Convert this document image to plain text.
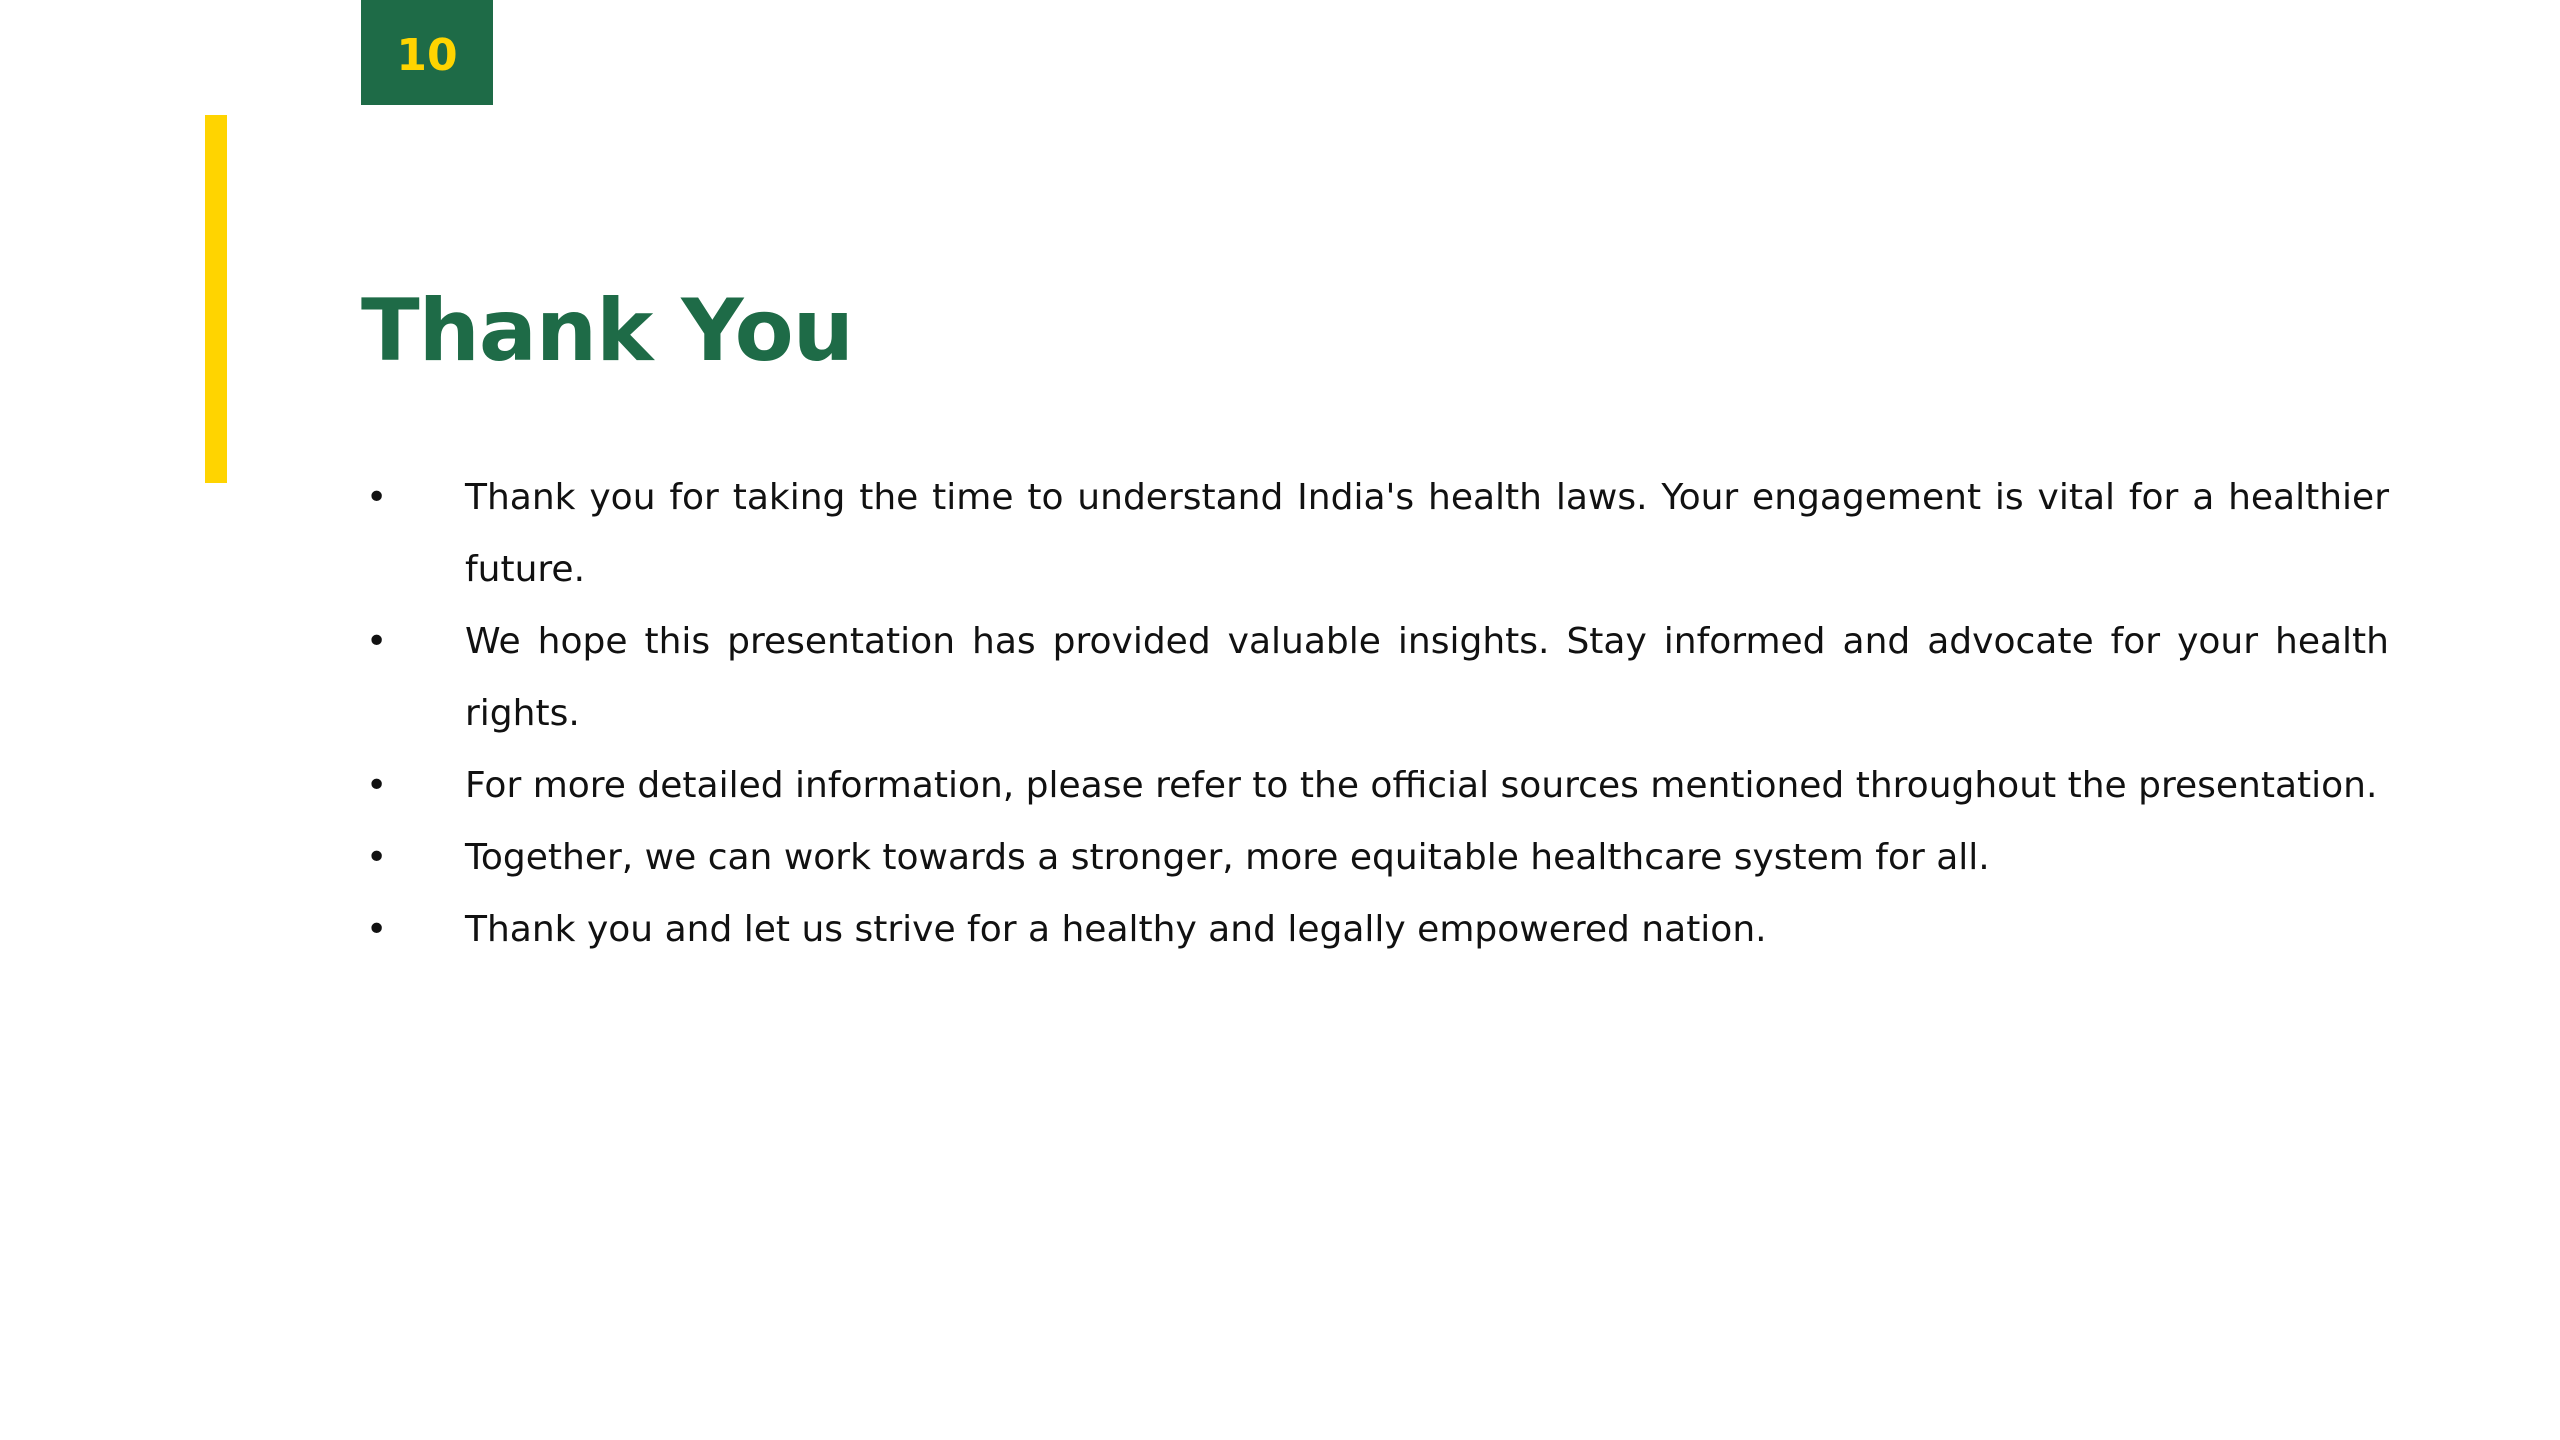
10
Thank You
•	Thank you for taking the time to understand India's health laws. Your engagement is vital for a healthier future.
•	We hope this presentation has provided valuable insights. Stay informed and advocate for your health rights.
•	For more detailed information, please refer to the official sources mentioned throughout the presentation.
•	Together, we can work towards a stronger, more equitable healthcare system for all.
•	Thank you and let us strive for a healthy and legally empowered nation.
